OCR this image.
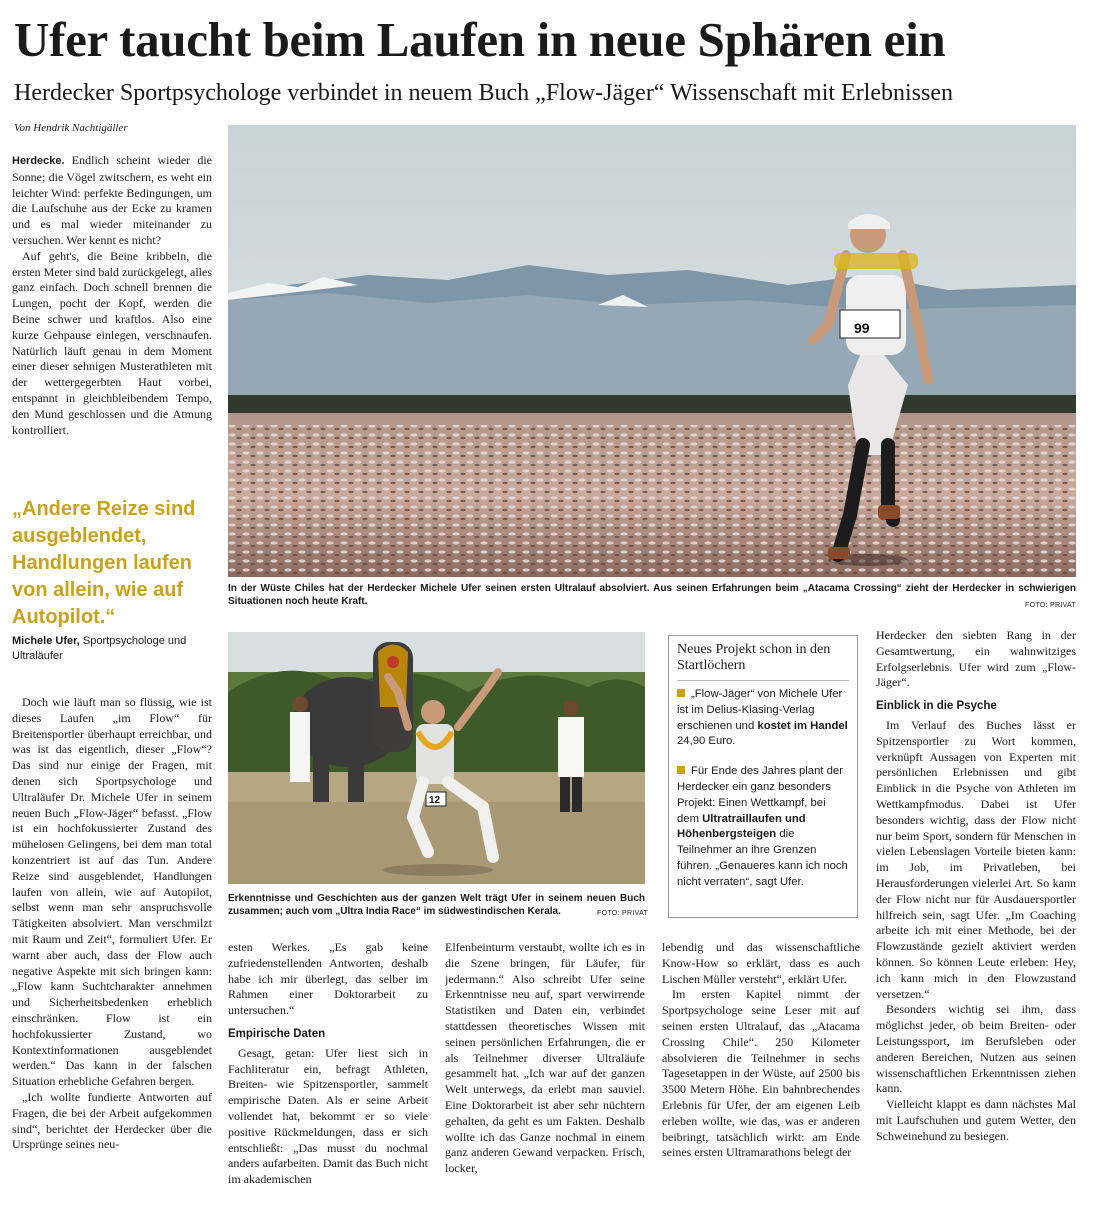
Ufer taucht beim Laufen in neue Sphären ein
Herdecker Sportpsychologe verbindet in neuem Buch „Flow-Jäger“ Wissenschaft mit Erlebnissen
Von Hendrik Nachtigäller

Herdecke. Endlich scheint wieder die Sonne; die Vögel zwitschern, es weht ein leichter Wind: perfekte Bedingungen, um die Laufschuhe aus der Ecke zu kramen und es mal wieder miteinander zu versuchen. Wer kennt es nicht?

Auf geht's, die Beine kribbeln, die ersten Meter sind bald zurückgelegt, alles ganz einfach. Doch schnell brennen die Lungen, pocht der Kopf, werden die Beine schwer und kraftlos. Also eine kurze Gehpause einlegen, verschnaufen. Natürlich läuft genau in dem Moment einer dieser sehnigen Musterathleten mit der wettergegerbten Haut vorbei, entspannt in gleichbleibendem Tempo, den Mund geschlossen und die Atmung kontrolliert.

„Andere Reize sind ausgeblendet, Handlungen laufen von allein, wie auf Autopilot.“

Michele Ufer, Sportpsychologe und Ultraläufer

Doch wie läuft man so flüssig, wie ist dieses Laufen „im Flow“ für Breitensportler überhaupt erreichbar, und was ist das eigentlich, dieser „Flow“? Das sind nur einige der Fragen, mit denen sich Sportpsychologe und Ultraläufer Dr. Michele Ufer in seinem neuen Buch „Flow-Jäger“ befasst. „Flow ist ein hochfokussierter Zustand des mühelosen Gelingens, bei dem man total konzentriert ist auf das Tun. Andere Reize sind ausgeblendet, Handlungen laufen von allein, wie auf Autopilot, selbst wenn man sehr anspruchsvolle Tätigkeiten absolviert. Man verschmilzt mit Raum und Zeit“, formuliert Ufer. Er warnt aber auch, dass der Flow auch negative Aspekte mit sich bringen kann: „Flow kann Suchtcharakter annehmen und Sicherheitsbedenken erheblich einschränken. Flow ist ein hochfokussierter Zustand, wo Kontextinformationen ausgeblendet werden.“ Das kann in der falschen Situation erhebliche Gefahren bergen.

„Ich wollte fundierte Antworten auf Fragen, die bei der Arbeit aufgekommen sind“, berichtet der Herdecker über die Ursprünge seines neu-

99
In der Wüste Chiles hat der Herdecker Michele Ufer seinen ersten Ultralauf absolviert. Aus seinen Erfahrungen beim „Atacama Crossing“ zieht der Herdecker in schwierigen Situationen noch heute Kraft.	FOTO: PRIVAT
12
Erkenntnisse und Geschichten aus der ganzen Welt trägt Ufer in seinem neuen Buch zusammen; auch vom „Ultra India Race“ im südwestindischen Kerala.	FOTO: PRIVAT

esten Werkes. „Es gab keine zufriedenstellenden Antworten, deshalb habe ich mir überlegt, das selber im Rahmen einer Doktorarbeit zu untersuchen.“

Empirische Daten

Gesagt, getan: Ufer liest sich in Fachliteratur ein, befragt Athleten, Breiten- wie Spitzensportler, sammelt empirische Daten. Als er seine Arbeit vollendet hat, bekommt er so viele positive Rückmeldungen, dass er sich entschließt: „Das musst du nochmal anders aufarbeiten. Damit das Buch nicht im akademischen

Elfenbeinturm verstaubt, wollte ich es in die Szene bringen, für Läufer, für jedermann.“ Also schreibt Ufer seine Erkenntnisse neu auf, spart verwirrende Statistiken und Daten ein, verbindet stattdessen theoretisches Wissen mit seinen persönlichen Erfahrungen, die er als Teilnehmer diverser Ultraläufe gesammelt hat. „Ich war auf der ganzen Welt unterwegs, da erlebt man sauviel. Eine Doktorarbeit ist aber sehr nüchtern gehalten, da geht es um Fakten. Deshalb wollte ich das Ganze nochmal in einem ganz anderen Gewand verpacken. Frisch, locker,

Neues Projekt schon in den Startlöchern

„Flow-Jäger“ von Michele Ufer ist im Delius-Klasing-Verlag erschienen und kostet im Handel 24,90 Euro.

Für Ende des Jahres plant der Herdecker ein ganz besonders Projekt: Einen Wettkampf, bei dem Ultratraillaufen und Höhenbergsteigen die Teilnehmer an ihre Grenzen führen. „Genaueres kann ich noch nicht verraten“, sagt Ufer.

lebendig und das wissenschaftliche Know-How so erklärt, dass es auch Lischen Müller versteht“, erklärt Ufer.

Im ersten Kapitel nimmt der Sportpsychologe seine Leser mit auf seinen ersten Ultralauf, das „Atacama Crossing Chile“. 250 Kilometer absolvieren die Teilnehmer in sechs Tagesetappen in der Wüste, auf 2500 bis 3500 Metern Höhe. Ein bahnbrechendes Erlebnis für Ufer, der am eigenen Leib erleben wollte, wie das, was er anderen beibringt, tatsächlich wirkt: am Ende seines ersten Ultramarathons belegt der

Herdecker den siebten Rang in der Gesamtwertung, ein wahnwitziges Erfolgserlebnis. Ufer wird zum „Flow-Jäger“.

Einblick in die Psyche

Im Verlauf des Buches lässt er Spitzensportler zu Wort kommen, verknüpft Aussagen von Experten mit persönlichen Erlebnissen und gibt Einblick in die Psyche von Athleten im Wettkampfmodus. Dabei ist Ufer besonders wichtig, dass der Flow nicht nur beim Sport, sondern für Menschen in vielen Lebenslagen Vorteile bieten kann: im Job, im Privatleben, bei Herausforderungen vielerlei Art. So kann der Flow nicht nur für Ausdauersportler hilfreich sein, sagt Ufer. „Im Coaching arbeite ich mit einer Methode, bei der Flowzustände gezielt aktiviert werden können. So können Leute erleben: Hey, ich kann mich in den Flowzustand versetzen.“

Besonders wichtig sei ihm, dass möglichst jeder, ob beim Breiten- oder Leistungssport, im Berufsleben oder anderen Bereichen, Nutzen aus seinen wissenschaftlichen Erkenntnissen ziehen kann.

Vielleicht klappt es dann nächstes Mal mit Laufschuhen und gutem Wetter, den Schweinehund zu besiegen.
